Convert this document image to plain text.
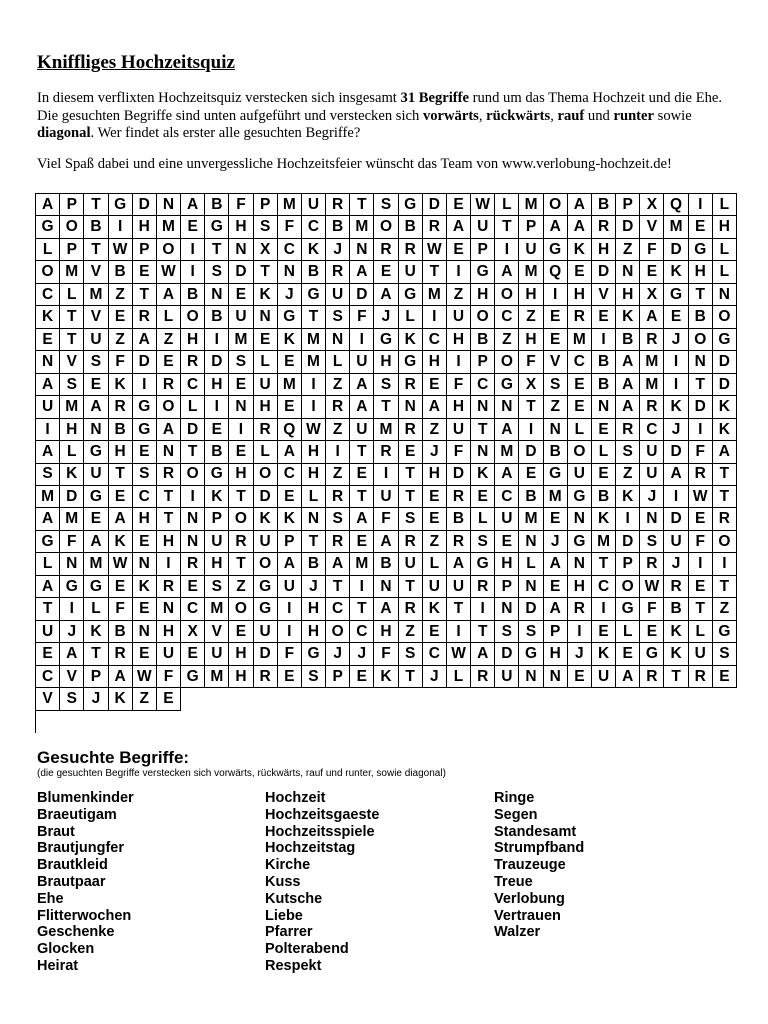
Kniffliges Hochzeitsquiz

In diesem verflixten Hochzeitsquiz verstecken sich insgesamt 31 Begriffe rund um das Thema Hochzeit und die Ehe. Die gesuchten Begriffe sind unten aufgeführt und verstecken sich vorwärts, rückwärts, rauf und runter sowie diagonal. Wer findet als erster alle gesuchten Begriffe?

Viel Spaß dabei und eine unvergessliche Hochzeitsfeier wünscht das Team von www.verlobung-hochzeit.de!

A P T G D N A B F P M U R T S G D E W L M O A B P X Q	I	L
G O B	I	H M E G H S F C B M O B R A U T P A A R D V M E H
L P T W P O	I	T N X C K J N R R W E P	I	U G K H Z F D G L
O M V B E W I	S D T N B R A E U T	I	G A M Q E D N E K H L
C L M Z T A B N E K J G U D A G M Z H O H	I	H V H X G T N
K T V E R L O B U N G T S F J L	I	U O C Z E R E K A E B O
E T U Z A Z H	I	M E K M N	I	G K C H B Z H E M	I	B R J O G
N V S F D E R D S L E M L U H G H	I	P O F V C B A M	I	N D
A S E K	I	R C H E U M	I	Z A S R E F C G X S E B A M	I	T D
U M A R G O L	I	N H E	I	R A T N A H N N T Z E N A R K D K
I	H N B G A D E	I	R Q W Z U M R Z U T A	I	N L E R C J	I	K
A L G H E N T B E L A H	I	T R E J F N M D B O L S U D F A
S K U T S R O G H O C H Z E	I	T H D K A E G U E Z U A R T
M D G E C T	I	K T D E L R T U T E R E C B M G B K J	I W T
A M E A H T N P O K K N S A F S E B L U M E N K	I	N D E R
G F A K E H N U R U P T R E A R Z R S E N J G M D S U F O
L N M W N	I	R H T O A B A M B U L A G H L A N T P R J	I	I
A G G E K R E S Z G U J T	I	N T U U R P N E H C O W R E T
T	I	L F E N C M O G	I	H C T A R K T	I	N D A R	I	G F B T Z
U J K B N H X V E U	I	H O C H Z E	I	T S S P	I	E L E K L G
E A T R E U E U H D F G J	J F S C W A D G H J K E G K U S
C V P A W F G M H R E S P E K T J L R U N N E U A R T R E
V S J K Z E
Gesuchte Begriffe:

(die gesuchten Begriffe verstecken sich vorwärts, rückwärts, rauf und runter, sowie diagonal)

Blumenkinder
Braeutigam
Braut
Brautjungfer
Brautkleid
Brautpaar
Ehe
Flitterwochen
Geschenke
Glocken
Heirat
Hochzeit
Hochzeitsgaeste
Hochzeitsspiele
Hochzeitstag
Kirche
Kuss
Kutsche
Liebe
Pfarrer
Polterabend
Respekt
Ringe
Segen
Standesamt
Strumpfband
Trauzeuge
Treue
Verlobung
Vertrauen
Walzer
